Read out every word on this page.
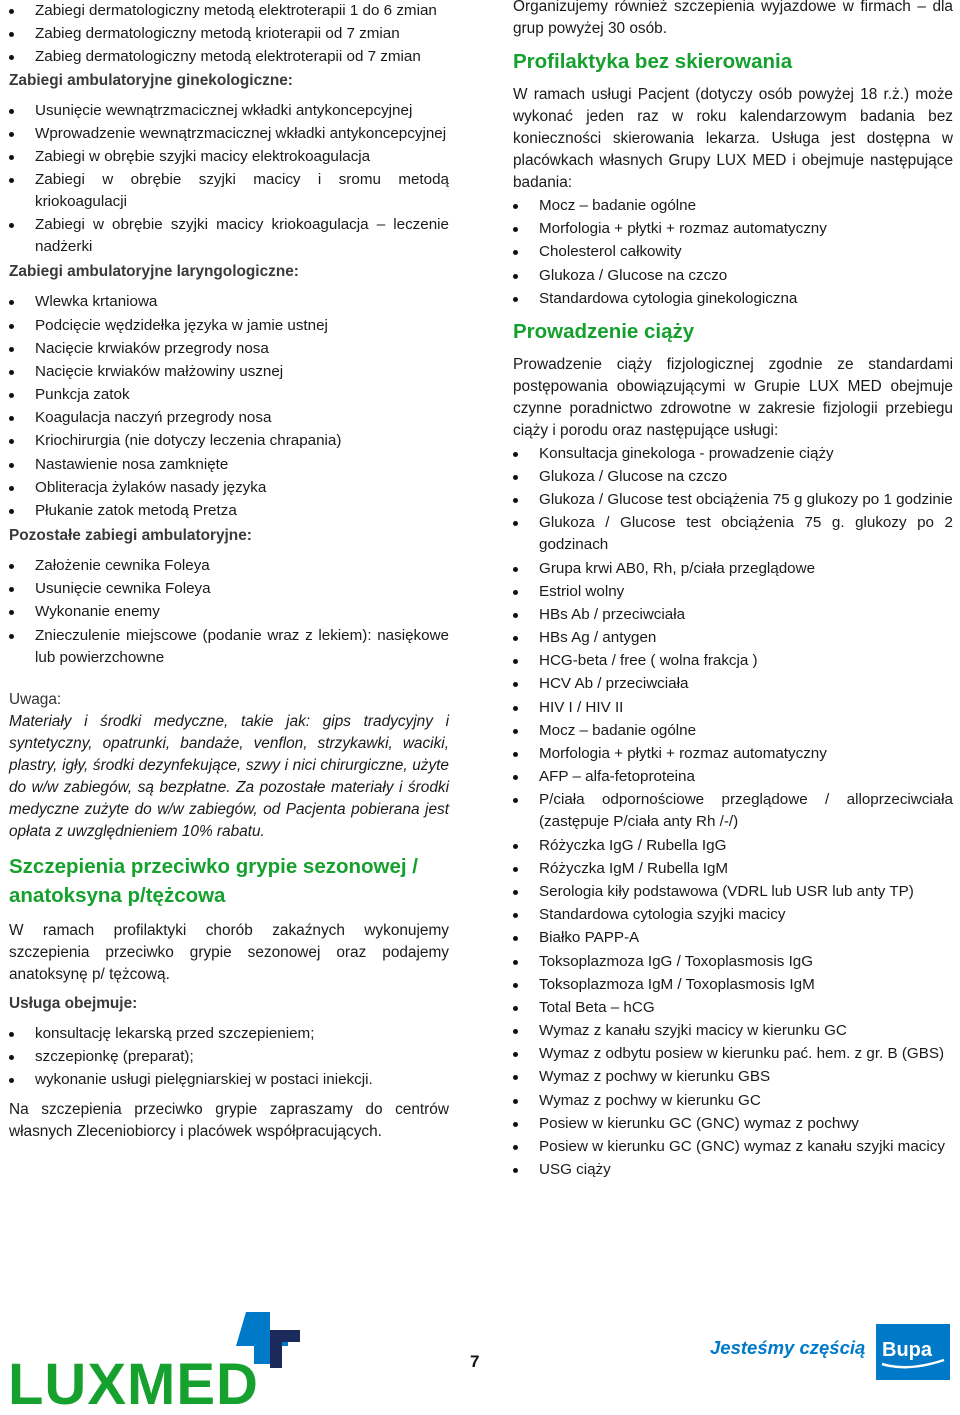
Zabiegi dermatologiczny metodą elektroterapii 1 do 6 zmian
Zabieg dermatologiczny metodą krioterapii od 7 zmian
Zabieg dermatologiczny metodą elektroterapii od 7 zmian

Zabiegi ambulatoryjne ginekologiczne:

Usunięcie wewnątrzmacicznej wkładki antykoncepcyjnej
Wprowadzenie wewnątrzmacicznej wkładki antykoncepcyjnej
Zabiegi w obrębie szyjki macicy elektrokoagulacja
Zabiegi w obrębie szyjki macicy i sromu metodą kriokoagulacji
Zabiegi w obrębie szyjki macicy kriokoagulacja – leczenie nadżerki

Zabiegi ambulatoryjne laryngologiczne:

Wlewka krtaniowa
Podcięcie wędzidełka języka w jamie ustnej
Nacięcie krwiaków przegrody nosa
Nacięcie krwiaków małżowiny usznej
Punkcja zatok
Koagulacja naczyń przegrody nosa
Kriochirurgia (nie dotyczy leczenia chrapania)
Nastawienie nosa zamknięte
Obliteracja żylaków nasady języka
Płukanie zatok metodą Pretza

Pozostałe zabiegi ambulatoryjne:

Założenie cewnika Foleya
Usunięcie cewnika Foleya
Wykonanie enemy
Znieczulenie miejscowe (podanie wraz z lekiem): nasiękowe lub powierzchowne

Uwaga:

Materiały i środki medyczne, takie jak: gips tradycyjny i syntetyczny, opatrunki, bandaże, venflon, strzykawki, waciki, plastry, igły, środki dezynfekujące, szwy i nici chirurgiczne, użyte do w/w zabiegów, są bezpłatne. Za pozostałe materiały i środki medyczne zużyte do w/w zabiegów, od Pacjenta pobierana jest opłata z uwzględnieniem 10% rabatu.

Szczepienia przeciwko grypie sezonowej / anatoksyna p/tężcowa

W ramach profilaktyki chorób zakaźnych wykonujemy szczepienia przeciwko grypie sezonowej oraz podajemy anatoksynę p/ tężcową.

Usługa obejmuje:

konsultację lekarską przed szczepieniem;
szczepionkę (preparat);
wykonanie usługi pielęgniarskiej w postaci iniekcji.

Na szczepienia przeciwko grypie zapraszamy do centrów własnych Zleceniobiorcy i placówek współpracujących.

Organizujemy również szczepienia wyjazdowe w firmach – dla grup powyżej 30 osób.

Profilaktyka bez skierowania

W ramach usługi Pacjent (dotyczy osób powyżej 18 r.ż.) może wykonać jeden raz w roku kalendarzowym badania bez konieczności skierowania lekarza. Usługa jest dostępna w placówkach własnych Grupy LUX MED i obejmuje następujące badania:

Mocz – badanie ogólne
Morfologia + płytki + rozmaz automatyczny
Cholesterol całkowity
Glukoza / Glucose na czczo
Standardowa cytologia ginekologiczna
Prowadzenie ciąży

Prowadzenie ciąży fizjologicznej zgodnie ze standardami postępowania obowiązującymi w Grupie LUX MED obejmuje czynne poradnictwo zdrowotne w zakresie fizjologii przebiegu ciąży i porodu oraz następujące usługi:

Konsultacja ginekologa - prowadzenie ciąży
Glukoza / Glucose na czczo
Glukoza / Glucose test obciążenia 75 g glukozy po 1 godzinie
Glukoza / Glucose test obciążenia 75 g. glukozy po 2 godzinach
Grupa krwi AB0, Rh, p/ciała przeglądowe
Estriol wolny
HBs Ab / przeciwciała
HBs Ag / antygen
HCG-beta / free ( wolna frakcja )
HCV Ab / przeciwciała
HIV I / HIV II
Mocz – badanie ogólne
Morfologia + płytki + rozmaz automatyczny
AFP – alfa-fetoproteina
P/ciała odpornościowe przeglądowe / alloprzeciwciała (zastępuje P/ciała anty Rh /-/)
Różyczka IgG / Rubella IgG
Różyczka IgM / Rubella IgM
Serologia kiły podstawowa (VDRL lub USR lub anty TP)
Standardowa cytologia szyjki macicy
Białko PAPP-A
Toksoplazmoza IgG / Toxoplasmosis IgG
Toksoplazmoza IgM / Toxoplasmosis IgM
Total Beta – hCG
Wymaz z kanału szyjki macicy w kierunku GC
Wymaz z odbytu posiew w kierunku pać. hem. z gr. B (GBS)
Wymaz z pochwy w kierunku GBS
Wymaz z pochwy w kierunku GC
Posiew w kierunku GC (GNC) wymaz z pochwy
Posiew w kierunku GC (GNC) wymaz z kanału szyjki macicy
USG ciąży
LUXMED	7
Jesteśmy częścią Bupa
